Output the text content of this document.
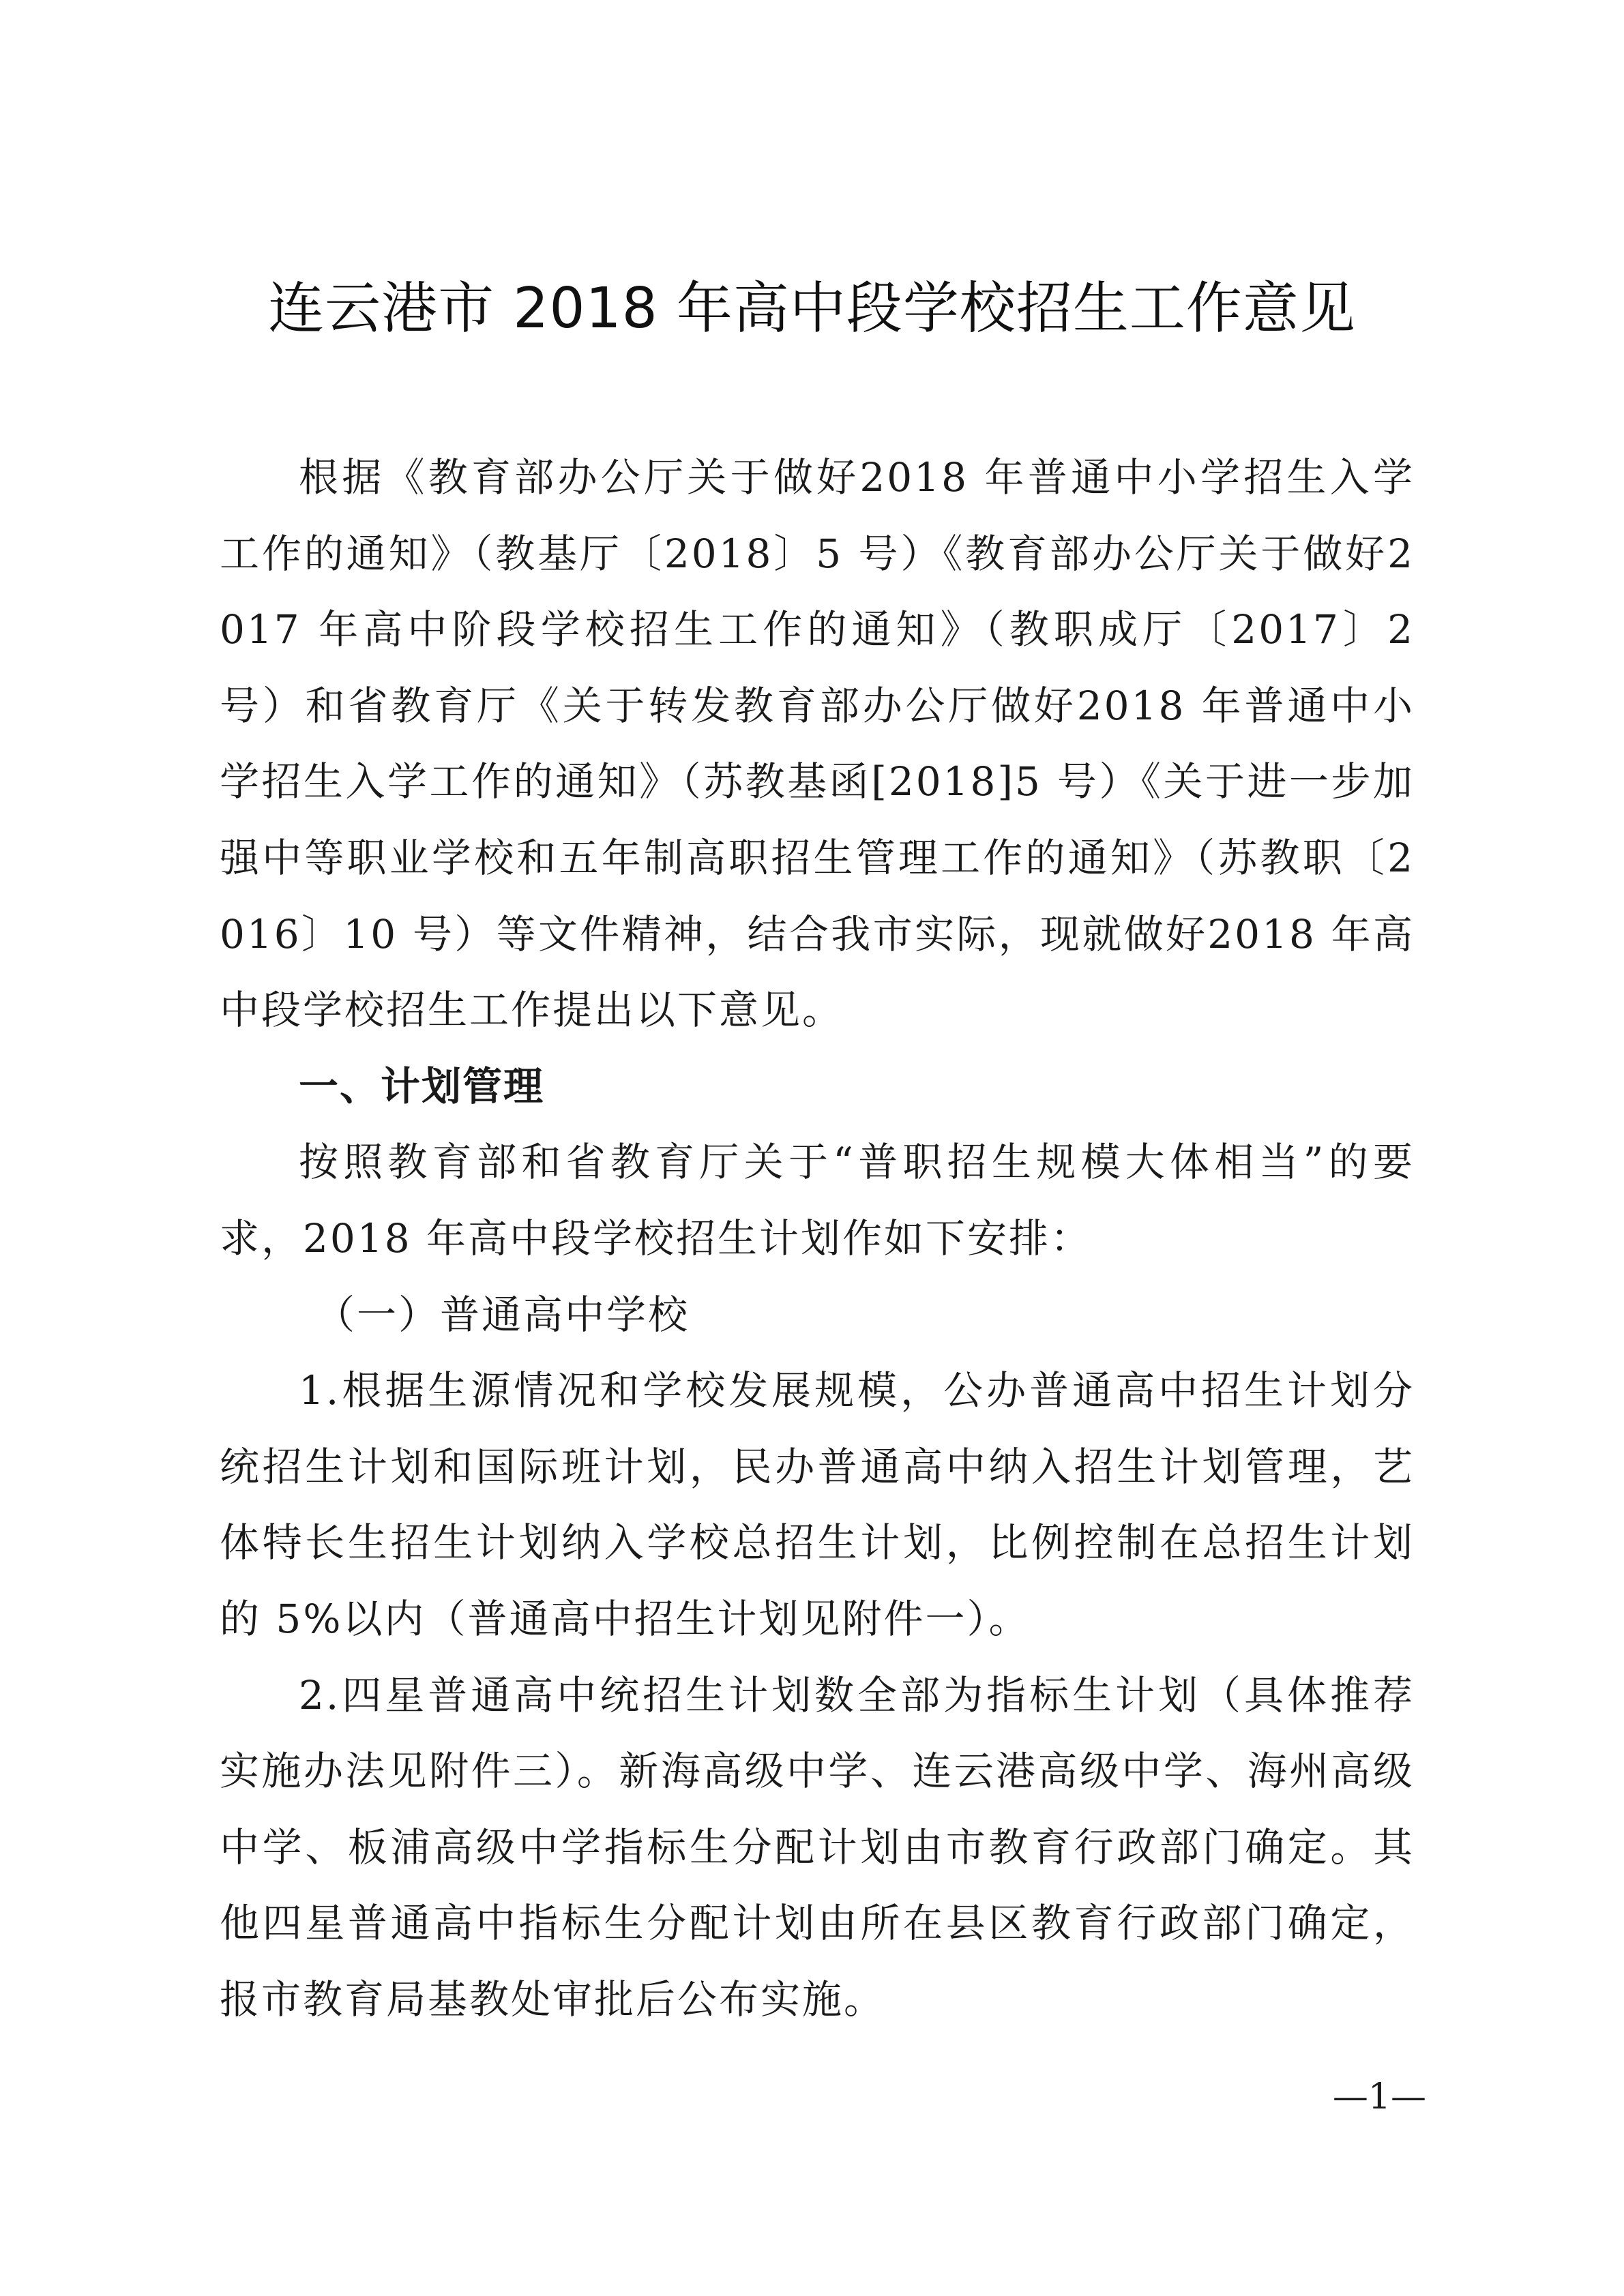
连云港市 2018 年高中段学校招生工作意见

根据《教育部办公厅关于做好2018 年普通中小学招生入学工作的通知》（教基厅〔2018〕5 号）《教育部办公厅关于做好2017 年高中阶段学校招生工作的通知》（教职成厅〔2017〕2 号）和省教育厅《关于转发教育部办公厅做好2018 年普通中小学招生入学工作的通知》（苏教基函[2018]5 号）《关于进一步加强中等职业学校和五年制高职招生管理工作的通知》（苏教职〔2016〕10 号）等文件精神，结合我市实际，现就做好2018 年高中段学校招生工作提出以下意见。

一、计划管理

按照教育部和省教育厅关于“普职招生规模大体相当”的要求，2018 年高中段学校招生计划作如下安排：

（一）普通高中学校

1.根据生源情况和学校发展规模，公办普通高中招生计划分统招生计划和国际班计划，民办普通高中纳入招生计划管理，艺体特长生招生计划纳入学校总招生计划，比例控制在总招生计划的 5%以内（普通高中招生计划见附件一）。

2.四星普通高中统招生计划数全部为指标生计划（具体推荐实施办法见附件三）。新海高级中学、连云港高级中学、海州高级中学、板浦高级中学指标生分配计划由市教育行政部门确定。其他四星普通高中指标生分配计划由所在县区教育行政部门确定，报市教育局基教处审批后公布实施。

—1—
